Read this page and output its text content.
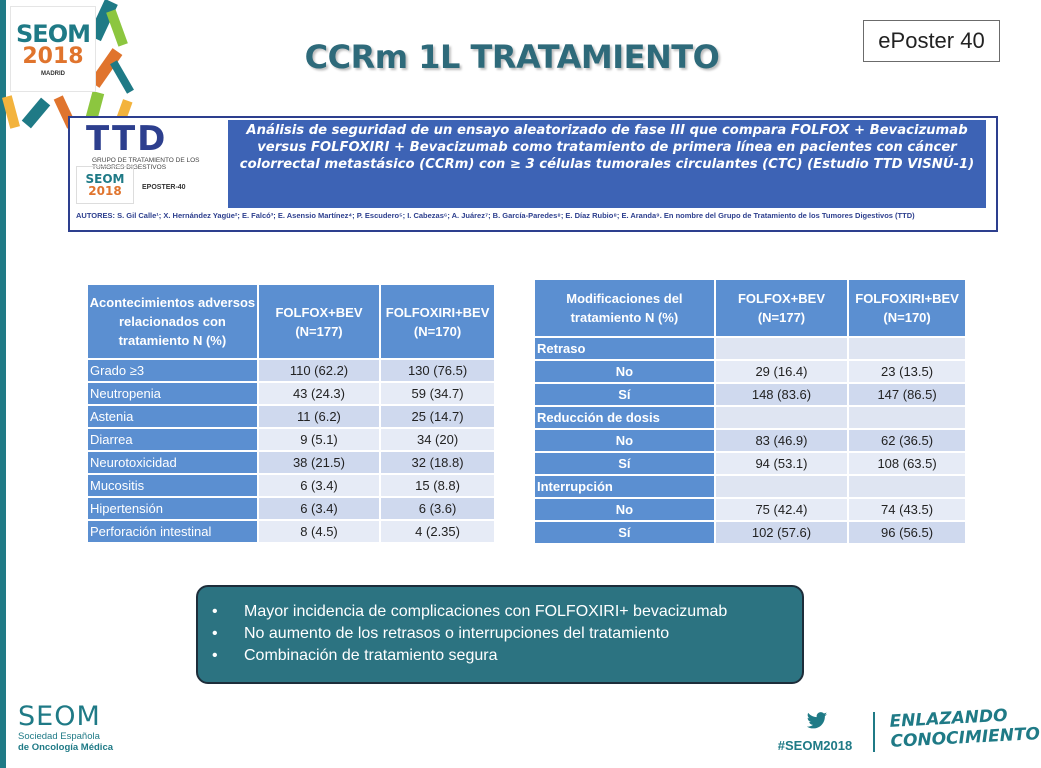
SEOM
2018
MADRID	CCRm 1L TRATAMIENTO	ePoster 40
TTD
GRUPO DE TRATAMIENTO DE LOS TUMORES DIGESTIVOS
SEOM
2018	EPOSTER-40
Análisis de seguridad de un ensayo aleatorizado de fase III que compara FOLFOX + Bevacizumab versus FOLFOXIRI + Bevacizumab como tratamiento de primera línea en pacientes con cáncer colorrectal metastásico (CCRm) con ≥ 3 células tumorales circulantes (CTC) (Estudio TTD VISNÚ-1)
AUTORES: S. Gil Calle¹; X. Hernández Yagüe²; E. Falcó³; E. Asensio Martínez⁴; P. Escudero⁵; I. Cabezas⁶; A. Juárez⁷; B. García-Paredes⁸; E. Díaz Rubio⁸; E. Aranda⁹. En nombre del Grupo de Tratamiento de los Tumores Digestivos (TTD)
Acontecimientos adversos relacionados con tratamiento N (%)	FOLFOX+BEV (N=177)	FOLFOXIRI+BEV (N=170)
Grado ≥3	110 (62.2)	130 (76.5)
Neutropenia	43 (24.3)	59 (34.7)
Astenia	11 (6.2)	25 (14.7)
Diarrea	9 (5.1)	34 (20)
Neurotoxicidad	38 (21.5)	32 (18.8)
Mucositis	6 (3.4)	15 (8.8)
Hipertensión	6 (3.4)	6 (3.6)
Perforación intestinal	8 (4.5)	4 (2.35)
Modificaciones del tratamiento N (%)	FOLFOX+BEV (N=177)	FOLFOXIRI+BEV (N=170)
Retraso		
No	29 (16.4)	23 (13.5)
Sí	148 (83.6)	147 (86.5)
Reducción de dosis		
No	83 (46.9)	62 (36.5)
Sí	94 (53.1)	108 (63.5)
Interrupción		
No	75 (42.4)	74 (43.5)
Sí	102 (57.6)	96 (56.5)
•	Mayor incidencia de complicaciones con FOLFOXIRI+ bevacizumab
•	No aumento de los retrasos o interrupciones del tratamiento
•	Combinación de tratamiento segura
SEOM
Sociedad Española
de Oncología Médica	#SEOM2018
ENLAZANDO
CONOCIMIENTO
